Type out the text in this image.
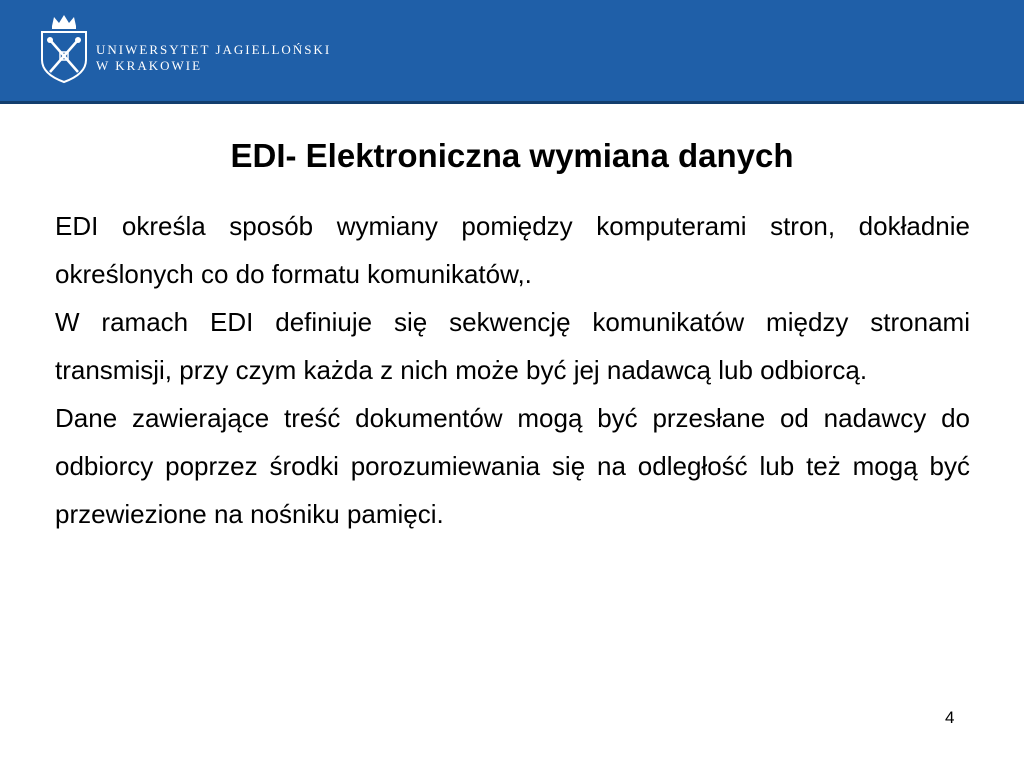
UNIWERSYTET JAGIELLOŃSKI
W KRAKOWIE
EDI- Elektroniczna wymiana danych

EDI określa sposób wymiany pomiędzy komputerami stron, dokładnie określonych co do formatu komunikatów,.

W ramach EDI definiuje się sekwencję komunikatów między stronami transmisji, przy czym każda z nich może być jej nadawcą lub odbiorcą.

Dane zawierające treść dokumentów mogą być przesłane od nadawcy do odbiorcy poprzez środki porozumiewania się na odległość lub też mogą być przewiezione na nośniku pamięci.

4
